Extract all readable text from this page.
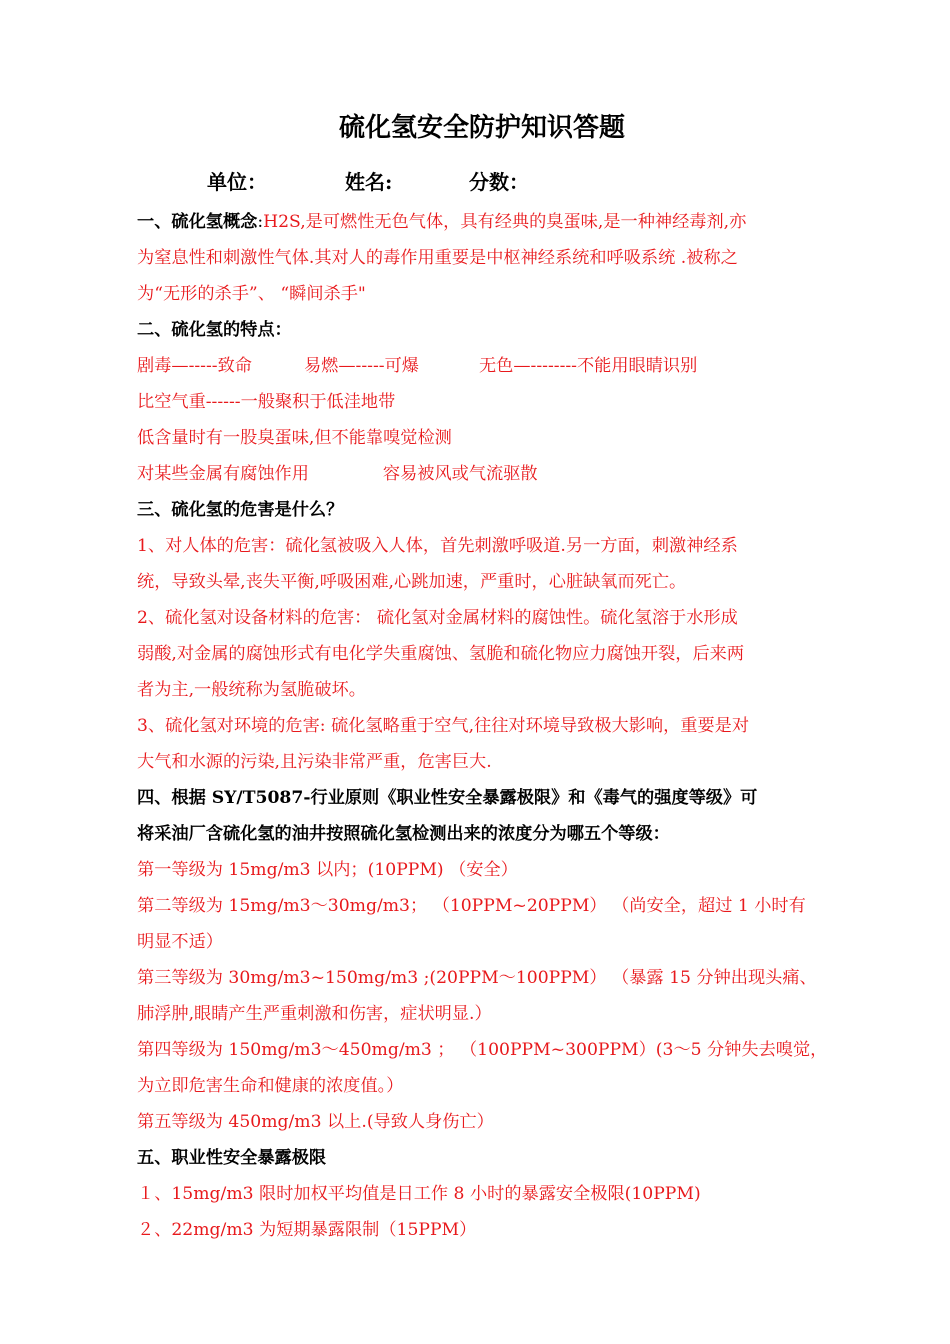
硫化氢安全防护知识答题
单位：	姓名:	分数：

一、硫化氢概念:H2S,是可燃性无色气体，具有经典的臭蛋味,是一种神经毒剂,亦

为窒息性和刺激性气体.其对人的毒作用重要是中枢神经系统和呼吸系统 .被称之

为“无形的杀手”、 “瞬间杀手"

二、硫化氢的特点：

剧毒—-----致命	易燃—-----可爆	无色—--------不能用眼睛识别

比空气重------一般聚积于低洼地带

低含量时有一股臭蛋味,但不能靠嗅觉检测

对某些金属有腐蚀作用	容易被风或气流驱散

三、硫化氢的危害是什么？

1、对人体的危害：硫化氢被吸入人体，首先刺激呼吸道.另一方面，刺激神经系

统，导致头晕,丧失平衡,呼吸困难,心跳加速，严重时，心脏缺氧而死亡。

2、硫化氢对设备材料的危害： 硫化氢对金属材料的腐蚀性。硫化氢溶于水形成

弱酸,对金属的腐蚀形式有电化学失重腐蚀、氢脆和硫化物应力腐蚀开裂，后来两

者为主,一般统称为氢脆破坏。

3、硫化氢对环境的危害: 硫化氢略重于空气,往往对环境导致极大影响，重要是对

大气和水源的污染,且污染非常严重，危害巨大.

四、根据 SY/T5087-行业原则《职业性安全暴露极限》和《毒气的强度等级》可

将采油厂含硫化氢的油井按照硫化氢检测出来的浓度分为哪五个等级：

第一等级为 15mg/m3 以内；(10PPM) （安全）

第二等级为 15mg/m3～30mg/m3； （10PPM~20PPM） （尚安全，超过 1 小时有

明显不适）

第三等级为 30mg/m3~150mg/m3 ;(20PPM～100PPM） （暴露 15 分钟出现头痛、

肺浮肿,眼睛产生严重刺激和伤害，症状明显.）

第四等级为 150mg/m3～450mg/m3 ； （100PPM~300PPM）(3～5 分钟失去嗅觉，

为立即危害生命和健康的浓度值。）

第五等级为 450mg/m3 以上.(导致人身伤亡）

五、职业性安全暴露极限

１、15mg/m3 限时加权平均值是日工作 8 小时的暴露安全极限(10PPM)

２、22mg/m3 为短期暴露限制（15PPM）
